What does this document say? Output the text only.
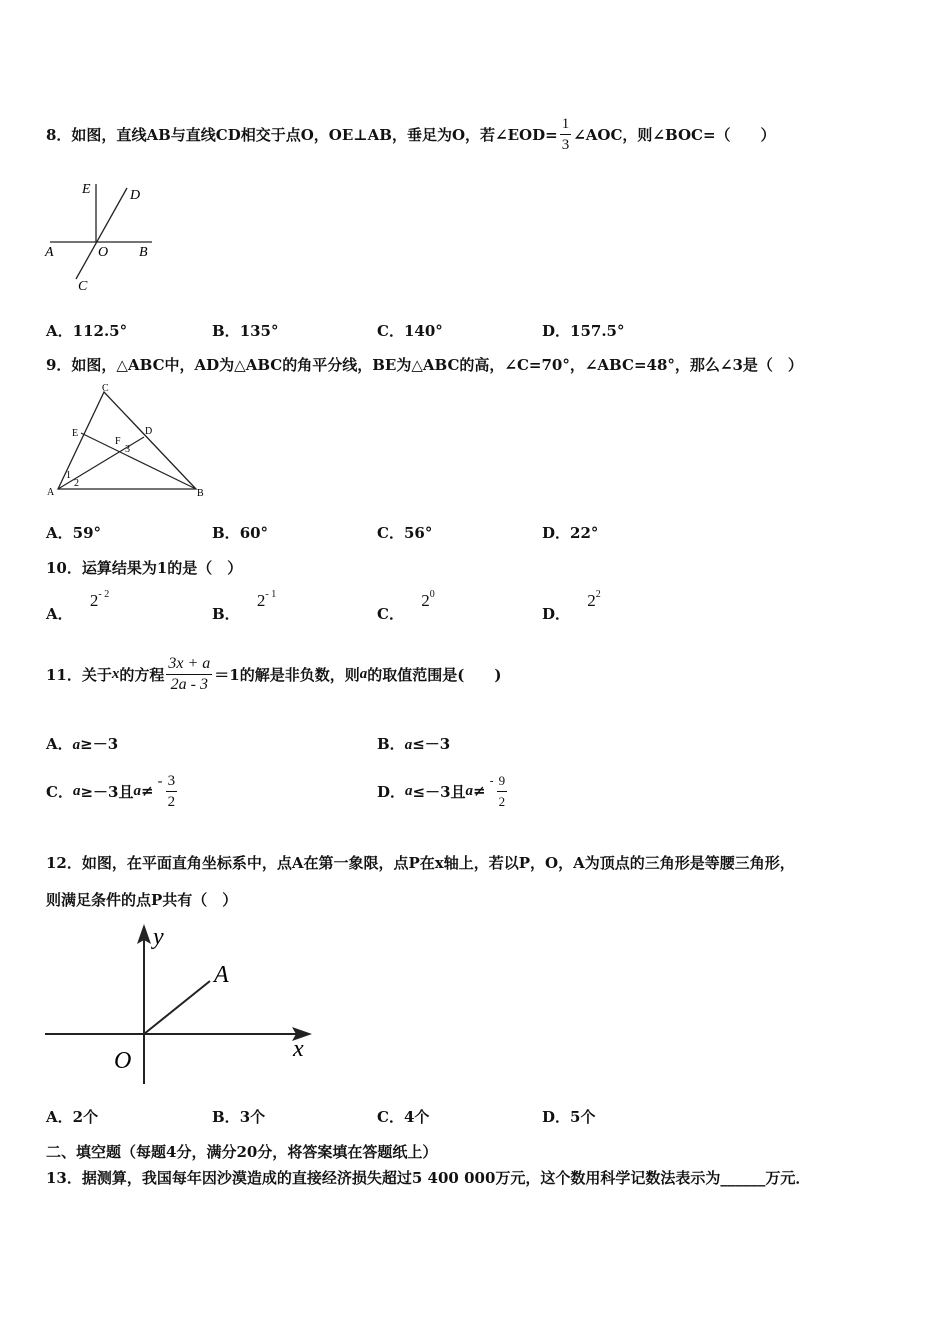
8．如图，直线AB与直线CD相交于点O，OE⊥AB，垂足为O，若∠EOD= $\frac{1}{3}$ ∠AOC，则∠BOC=（　　）
E	D
A	O B
C
A．112.5°	B．135°	C．140°	D．157.5°
9．如图，△ABC中，AD为△ABC的角平分线，BE为△ABC的高，∠C=70°，∠ABC=48°，那么∠3是（　）
C
E	D
F
3
1
2
A	B
A．59°	B．60°	C．56°	D．22°
10．运算结果为1的是（　）
A． $2^{- 2}$
B． $2^{- 1}$
C． $2^0$
D． $2^2$
11．关于 x 的方程 $\frac{3x + a}{2a - 3} =1$的解是非负数，则 a 的取值范围是(　　)
A．a≥－3	B．a≤－3
C． a ≥－3且 a ≠
- $\frac{3}{2}$	D． a ≤－3且 a ≠
- $\frac{9}{2}$
12．如图，在平面直角坐标系中，点A在第一象限，点P在x轴上，若以P，O，A为顶点的三角形是等腰三角形，
则满足条件的点P共有（　）
y
x
O
A
A．2个	B．3个	C．4个	D．5个
二、填空题（每题4分，满分20分，将答案填在答题纸上）
13．据测算，我国每年因沙漠造成的直接经济损失超过5 400 000万元，这个数用科学记数法表示为______万元．
